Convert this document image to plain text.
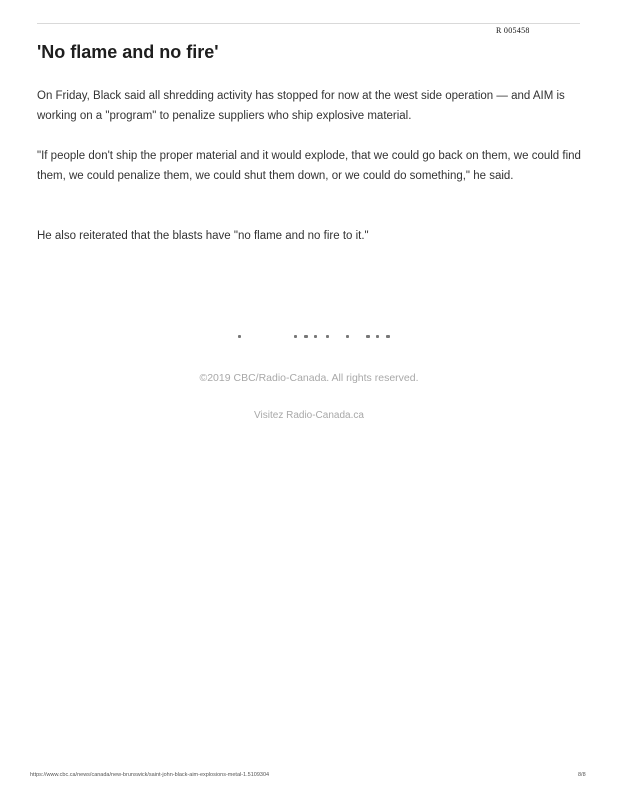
R 005458
'No flame and no fire'

On Friday, Black said all shredding activity has stopped for now at the west side operation — and AIM is working on a "program" to penalize suppliers who ship explosive material.

"If people don't ship the proper material and it would explode, that we could go back on them, we could find them, we could penalize them, we could shut them down, or we could do something," he said.

He also reiterated that the blasts have "no flame and no fire to it."

©2019 CBC/Radio-Canada. All rights reserved.
Visitez Radio-Canada.ca
https://www.cbc.ca/news/canada/new-brunswick/saint-john-black-aim-explosions-metal-1.5109304	8/8
